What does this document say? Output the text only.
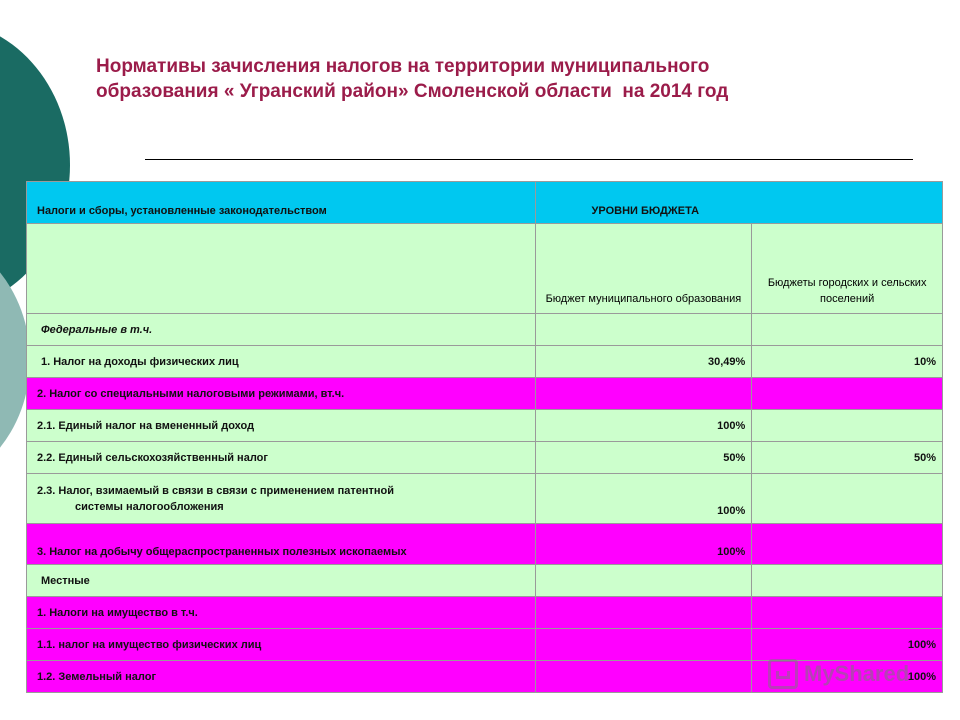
Нормативы зачисления налогов на территории муниципального
образования « Угранский район» Смоленской области  на 2014 год
Налоги и сборы, установленные законодательством	УРОВНИ БЮДЖЕТА	
	Бюджет муниципального образования	Бюджеты городских и сельских поселений
Федеральные в т.ч.		
1. Налог на доходы физических лиц	30,49%	10%
2. Налог со специальными налоговыми режимами, вт.ч.		
2.1. Единый налог на вмененный доход	100%	
2.2. Единый сельскохозяйственный налог	50%	50%

2.3. Налог, взимаемый в связи в связи с применением патентной
системы налогообложения	100%	
3. Налог на добычу общераспространенных полезных ископаемых	100%	
Местные		
1. Налоги на имущество в т.ч.		
1.1. налог на имущество физических лиц		100%
1.2. Земельный налог		100%
MyShared
